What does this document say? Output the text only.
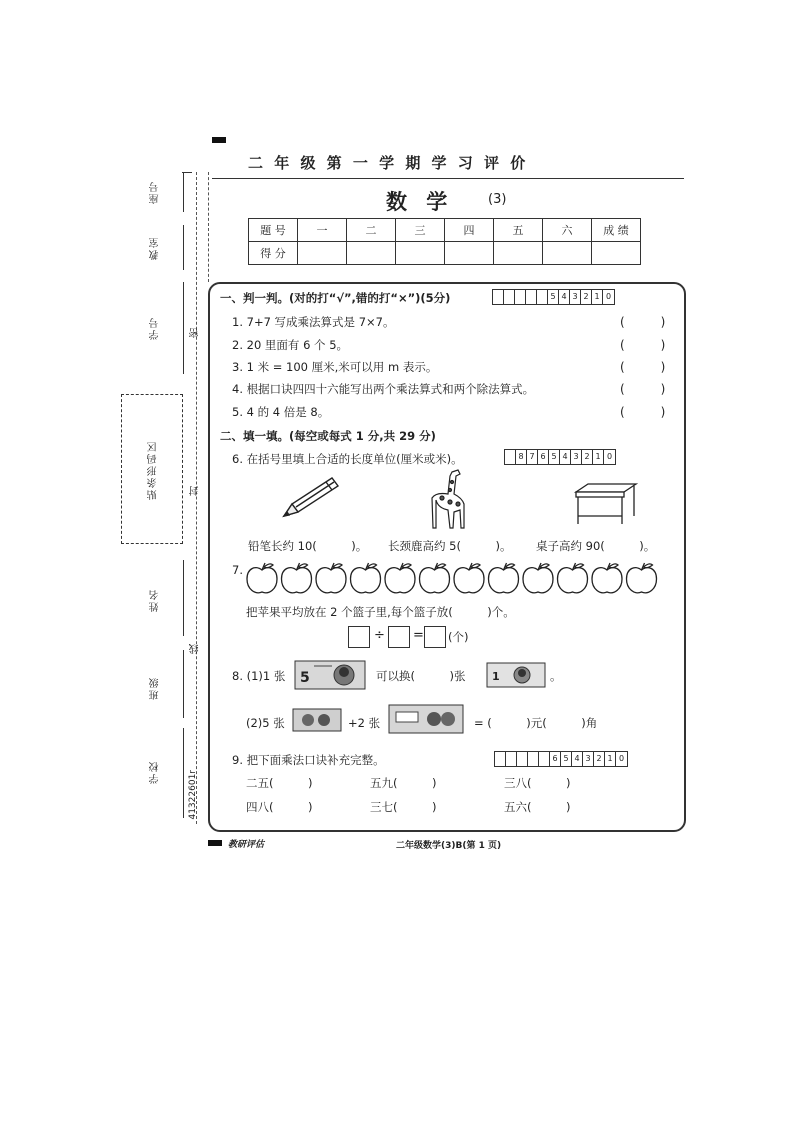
座号
教室
学号
贴条形码区
姓名
班级
学校	41322601r
密
封
线
二 年 级 第 一 学 期 学 习 评 价
数 学	(3)
题 号	一	二	三	四	五	六	成 绩
得 分							
一、判一判。(对的打“√”,错的打“×”)(5分)	5 4 3 2 1 0
1. 7+7 写成乘法算式是 7×7。	(　　　)
2. 20 里面有 6 个 5。	(　　　)
3. 1 米 = 100 厘米,米可以用 m 表示。	(　　　)
4. 根据口诀四四十六能写出两个乘法算式和两个除法算式。	(　　　)
5. 4 的 4 倍是 8。	(　　　)
二、填一填。(每空或每式 1 分,共 29 分)
6. 在括号里填上合适的长度单位(厘米或米)。	8 7 6 5 4 3 2 1 0
铅笔长约 10(　　　)。 长颈鹿高约 5(　　　)。 桌子高约 90(　　　)。
7.
把苹果平均放在 2 个篮子里,每个篮子放(　　　)个。
÷ = (个)
8. (1)1 张 5	可以换(　　　)张 1	。
(2)5 张	+2 张	= (　　　)元(　　　)角
9. 把下面乘法口诀补充完整。	6 5 4 3 2 1 0
二五(　　　)	五九(　　　)	三八(　　　)
四八(　　　)	三七(　　　)	五六(　　　)
教研评估	二年级数学(3)B(第 1 页)
